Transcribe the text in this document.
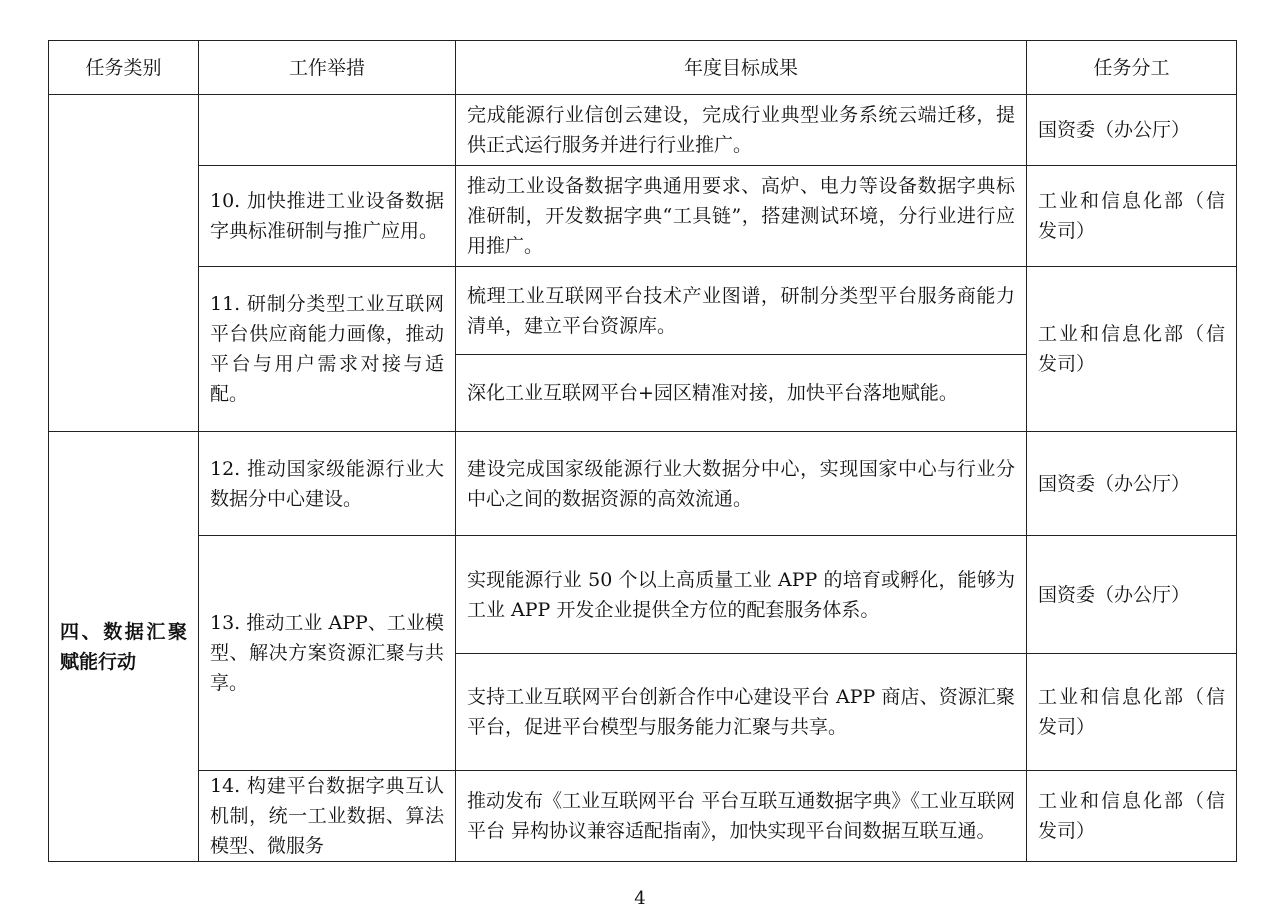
任务类别	工作举措	年度目标成果	任务分工
		完成能源行业信创云建设，完成行业典型业务系统云端迁移，提供正式运行服务并进行行业推广。	国资委（办公厅）
	10. 加快推进工业设备数据字典标准研制与推广应用。	推动工业设备数据字典通用要求、高炉、电力等设备数据字典标准研制，开发数据字典“工具链”，搭建测试环境，分行业进行应用推广。	工业和信息化部（信发司）
	11. 研制分类型工业互联网平台供应商能力画像，推动平台与用户需求对接与适配。	梳理工业互联网平台技术产业图谱，研制分类型平台服务商能力清单，建立平台资源库。	工业和信息化部（信发司）
		深化工业互联网平台+园区精准对接，加快平台落地赋能。	

四、数据汇聚赋能行动	12. 推动国家级能源行业大数据分中心建设。	建设完成国家级能源行业大数据分中心，实现国家中心与行业分中心之间的数据资源的高效流通。	国资委（办公厅）
	13. 推动工业 APP、工业模型、解决方案资源汇聚与共享。	实现能源行业 50 个以上高质量工业 APP 的培育或孵化，能够为工业 APP 开发企业提供全方位的配套服务体系。	国资委（办公厅）
		支持工业互联网平台创新合作中心建设平台 APP 商店、资源汇聚平台，促进平台模型与服务能力汇聚与共享。	工业和信息化部（信发司）
	14. 构建平台数据字典互认机制，统一工业数据、算法模型、微服务	推动发布《工业互联网平台 平台互联互通数据字典》《工业互联网平台 异构协议兼容适配指南》，加快实现平台间数据互联互通。	工业和信息化部（信发司）
4
